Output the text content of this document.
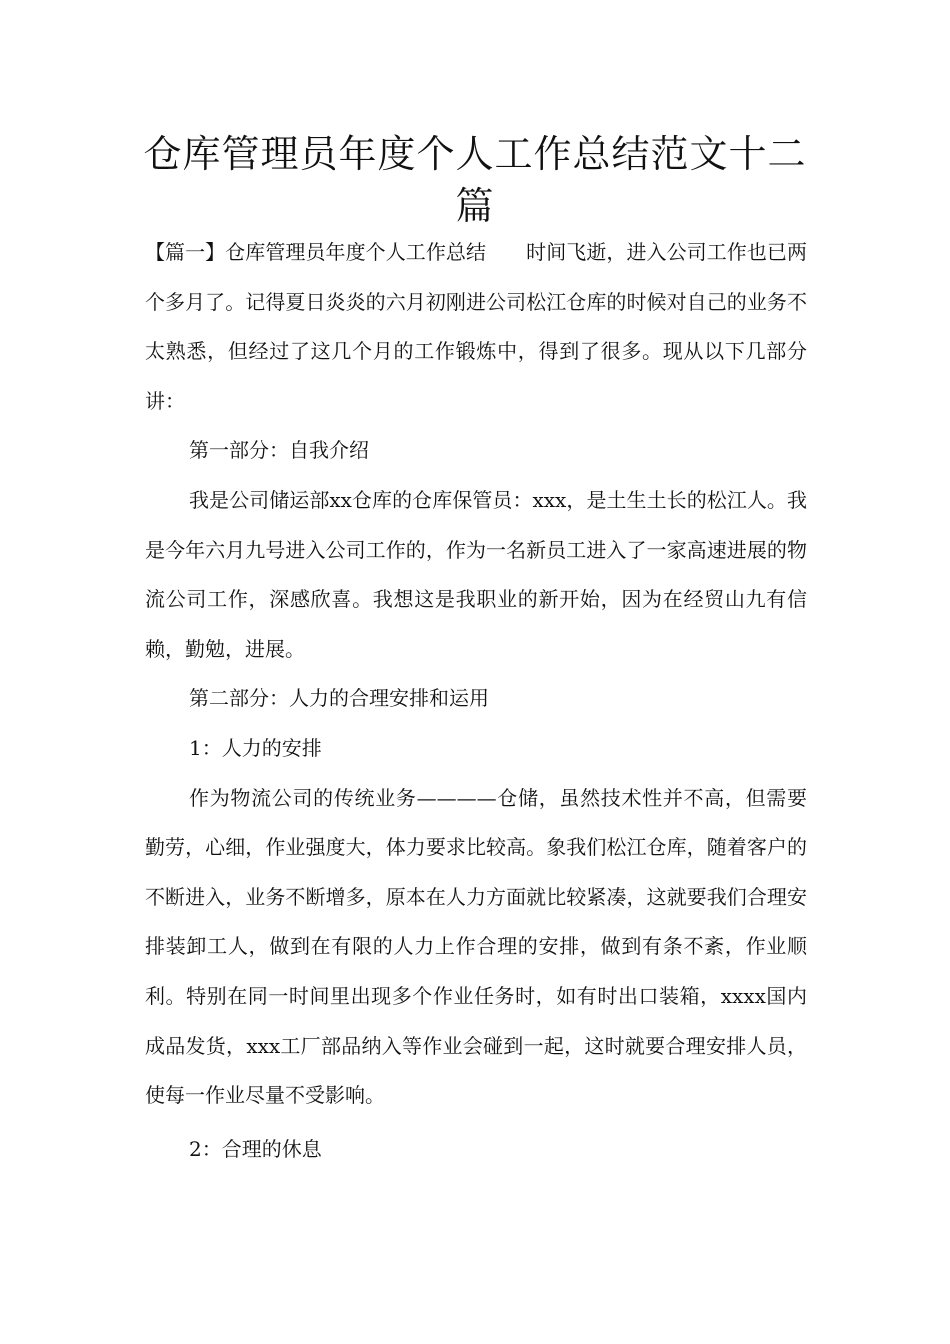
仓库管理员年度个人工作总结范文十二篇

【篇一】仓库管理员年度个人工作总结　　时间飞逝，进入公司工作也已两个多月了。记得夏日炎炎的六月初刚进公司松江仓库的时候对自己的业务不太熟悉，但经过了这几个月的工作锻炼中，得到了很多。现从以下几部分讲：

第一部分：自我介绍

我是公司储运部xx仓库的仓库保管员：xxx，是土生土长的松江人。我是今年六月九号进入公司工作的，作为一名新员工进入了一家高速进展的物流公司工作，深感欣喜。我想这是我职业的新开始，因为在经贸山九有信赖，勤勉，进展。

第二部分：人力的合理安排和运用

1：人力的安排

作为物流公司的传统业务————仓储，虽然技术性并不高，但需要勤劳，心细，作业强度大，体力要求比较高。象我们松江仓库，随着客户的不断进入，业务不断增多，原本在人力方面就比较紧凑，这就要我们合理安排装卸工人，做到在有限的人力上作合理的安排，做到有条不紊，作业顺利。特别在同一时间里出现多个作业任务时，如有时出口装箱，xxxx国内成品发货，xxx工厂部品纳入等作业会碰到一起，这时就要合理安排人员，使每一作业尽量不受影响。

2：合理的休息
